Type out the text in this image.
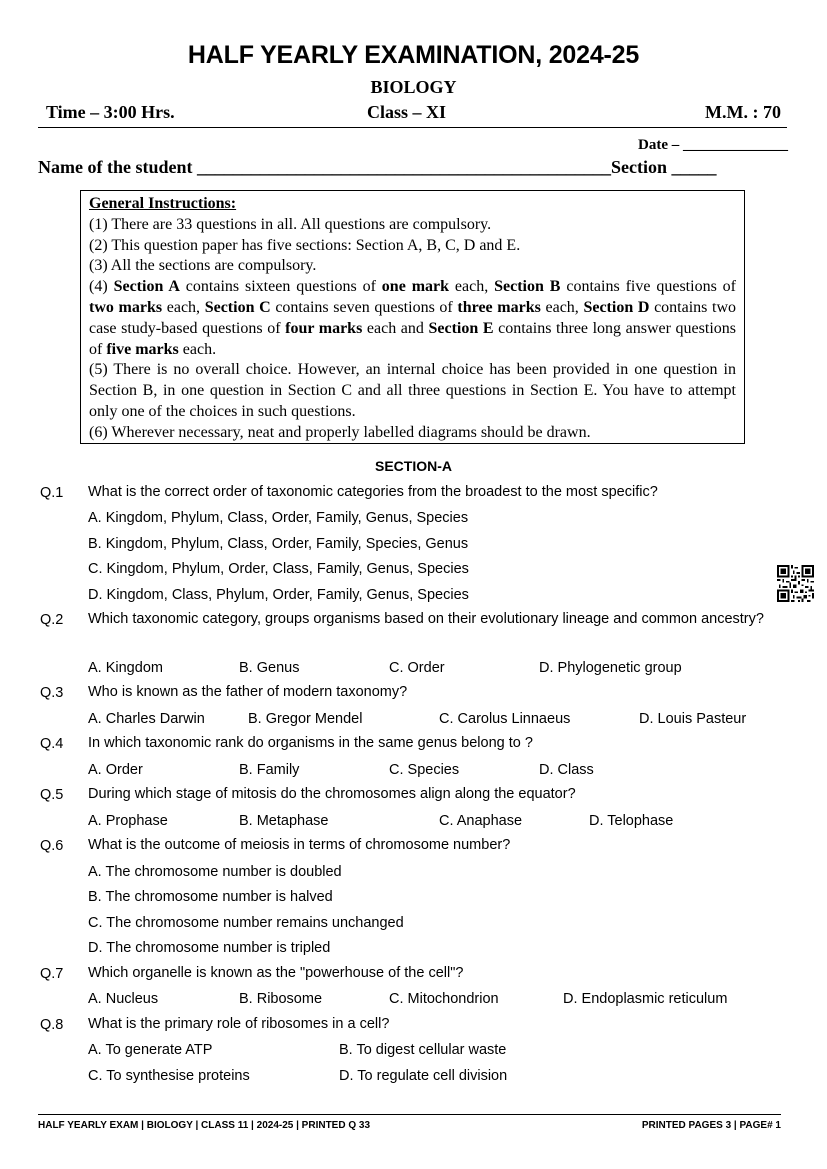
HALF YEARLY EXAMINATION, 2024-25
BIOLOGY
Time – 3:00 Hrs.	Class – XI	M.M. : 70
Date – ______________
Name of the student ______________________________________________Section _____

General Instructions:

(1) There are 33 questions in all. All questions are compulsory.

(2) This question paper has five sections: Section A, B, C, D and E.

(3) All the sections are compulsory.

(4) Section A contains sixteen questions of one mark each, Section B contains five questions of two marks each, Section C contains seven questions of three marks each, Section D contains two case study-based questions of four marks each and Section E contains three long answer questions of five marks each.

(5) There is no overall choice. However, an internal choice has been provided in one question in Section B, in one question in Section C and all three questions in Section E. You have to attempt only one of the choices in such questions.

(6) Wherever necessary, neat and properly labelled diagrams should be drawn.

SECTION-A
Q.1 What is the correct order of taxonomic categories from the broadest to the most specific?
A. Kingdom, Phylum, Class, Order, Family, Genus, Species
B. Kingdom, Phylum, Class, Order, Family, Species, Genus
C. Kingdom, Phylum, Order, Class, Family, Genus, Species
D. Kingdom, Class, Phylum, Order, Family, Genus, Species
Q.2 Which taxonomic category, groups organisms based on their evolutionary lineage and common ancestry?
A. Kingdom	B. Genus	C. Order	D. Phylogenetic group
Q.3 Who is known as the father of modern taxonomy?
A. Charles Darwin	B. Gregor Mendel	C. Carolus Linnaeus	D. Louis Pasteur
Q.4 In which taxonomic rank do organisms in the same genus belong to ?
A. Order	B. Family	C. Species	D. Class
Q.5 During which stage of mitosis do the chromosomes align along the equator?
A. Prophase	B. Metaphase	C. Anaphase	D. Telophase
Q.6 What is the outcome of meiosis in terms of chromosome number?
A. The chromosome number is doubled
B. The chromosome number is halved
C. The chromosome number remains unchanged
D. The chromosome number is tripled
Q.7 Which organelle is known as the "powerhouse of the cell"?
A. Nucleus	B. Ribosome	C. Mitochondrion	D. Endoplasmic reticulum
Q.8 What is the primary role of ribosomes in a cell?
A. To generate ATP	B. To digest cellular waste
C. To synthesise proteins	D. To regulate cell division
HALF YEARLY EXAM | BIOLOGY | CLASS 11 | 2024-25 | PRINTED Q 33	PRINTED PAGES 3 | PAGE# 1
